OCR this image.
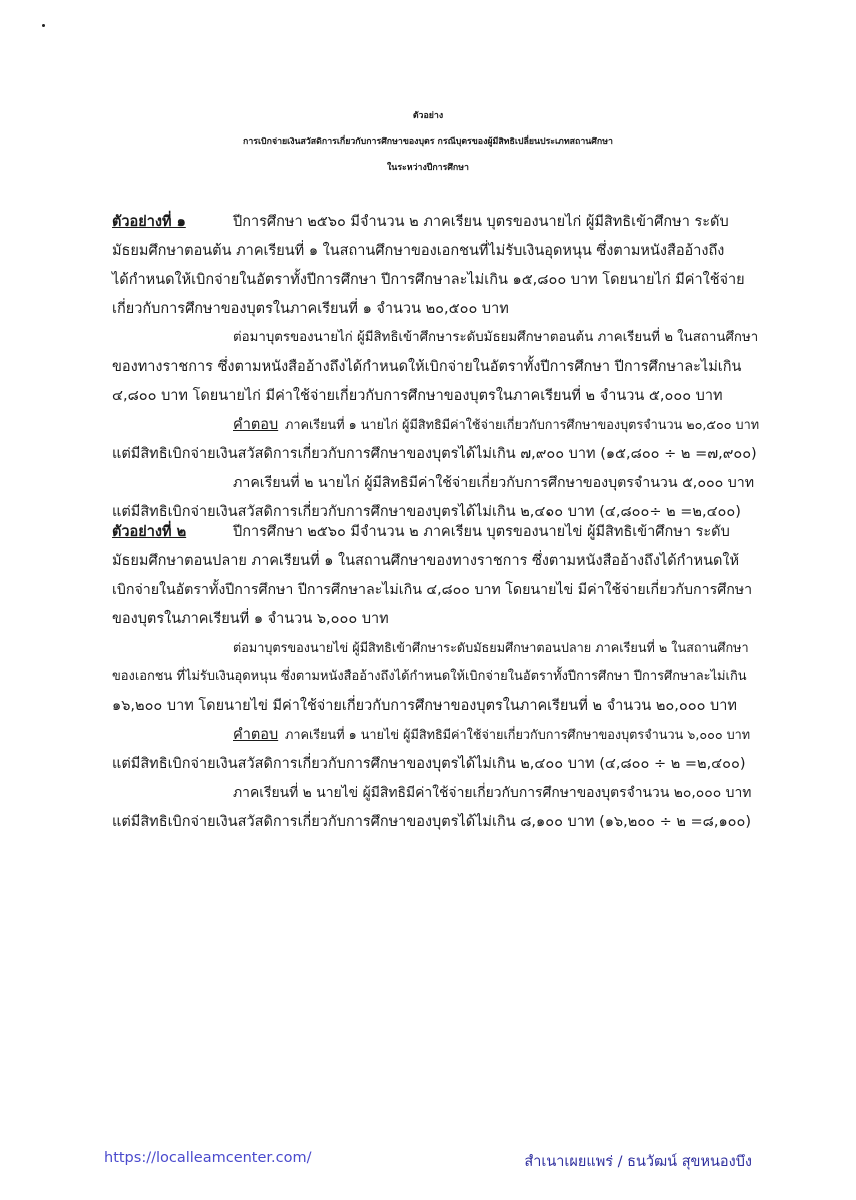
ตัวอย่าง

การเบิกจ่ายเงินสวัสดิการเกี่ยวกับการศึกษาของบุตร กรณีบุตรของผู้มีสิทธิเปลี่ยนประเภทสถานศึกษา

ในระหว่างปีการศึกษา

ตัวอย่างที่ ๑	ปีการศึกษา ๒๕๖๐ มีจำนวน ๒ ภาคเรียน บุตรของนายไก่ ผู้มีสิทธิเข้าศึกษา ระดับ
มัธยมศึกษาตอนต้น ภาคเรียนที่ ๑ ในสถานศึกษาของเอกชนที่ไม่รับเงินอุดหนุน ซึ่งตามหนังสืออ้างถึง
ได้กำหนดให้เบิกจ่ายในอัตราทั้งปีการศึกษา ปีการศึกษาละไม่เกิน ๑๕,๘๐๐ บาท โดยนายไก่ มีค่าใช้จ่าย
เกี่ยวกับการศึกษาของบุตรในภาคเรียนที่ ๑ จำนวน ๒๐,๕๐๐ บาท
ต่อมาบุตรของนายไก่ ผู้มีสิทธิเข้าศึกษาระดับมัธยมศึกษาตอนต้น ภาคเรียนที่ ๒ ในสถานศึกษา
ของทางราชการ ซึ่งตามหนังสืออ้างถึงได้กำหนดให้เบิกจ่ายในอัตราทั้งปีการศึกษา ปีการศึกษาละไม่เกิน
๔,๘๐๐ บาท โดยนายไก่ มีค่าใช้จ่ายเกี่ยวกับการศึกษาของบุตรในภาคเรียนที่ ๒ จำนวน ๕,๐๐๐ บาท
คำตอบ ภาคเรียนที่ ๑ นายไก่ ผู้มีสิทธิมีค่าใช้จ่ายเกี่ยวกับการศึกษาของบุตรจำนวน ๒๐,๕๐๐ บาท
แต่มีสิทธิเบิกจ่ายเงินสวัสดิการเกี่ยวกับการศึกษาของบุตรได้ไม่เกิน ๗,๙๐๐ บาท (๑๕,๘๐๐ ÷ ๒ =๗,๙๐๐)
ภาคเรียนที่ ๒ นายไก่ ผู้มีสิทธิมีค่าใช้จ่ายเกี่ยวกับการศึกษาของบุตรจำนวน ๕,๐๐๐ บาท
แต่มีสิทธิเบิกจ่ายเงินสวัสดิการเกี่ยวกับการศึกษาของบุตรได้ไม่เกิน ๒,๔๐๐ บาท (๔,๘๐๐÷ ๒ =๒,๔๐๐)
ตัวอย่างที่ ๒	ปีการศึกษา ๒๕๖๐ มีจำนวน ๒ ภาคเรียน บุตรของนายไข่ ผู้มีสิทธิเข้าศึกษา ระดับ
มัธยมศึกษาตอนปลาย ภาคเรียนที่ ๑ ในสถานศึกษาของทางราชการ ซึ่งตามหนังสืออ้างถึงได้กำหนดให้
เบิกจ่ายในอัตราทั้งปีการศึกษา ปีการศึกษาละไม่เกิน ๔,๘๐๐ บาท โดยนายไข่ มีค่าใช้จ่ายเกี่ยวกับการศึกษา
ของบุตรในภาคเรียนที่ ๑ จำนวน ๖,๐๐๐ บาท
ต่อมาบุตรของนายไข่ ผู้มีสิทธิเข้าศึกษาระดับมัธยมศึกษาตอนปลาย ภาคเรียนที่ ๒ ในสถานศึกษา
ของเอกชน ที่ไม่รับเงินอุดหนุน ซึ่งตามหนังสืออ้างถึงได้กำหนดให้เบิกจ่ายในอัตราทั้งปีการศึกษา ปีการศึกษาละไม่เกิน
๑๖,๒๐๐ บาท โดยนายไข่ มีค่าใช้จ่ายเกี่ยวกับการศึกษาของบุตรในภาคเรียนที่ ๒ จำนวน ๒๐,๐๐๐ บาท
คำตอบ ภาคเรียนที่ ๑ นายไข่ ผู้มีสิทธิมีค่าใช้จ่ายเกี่ยวกับการศึกษาของบุตรจำนวน ๖,๐๐๐ บาท
แต่มีสิทธิเบิกจ่ายเงินสวัสดิการเกี่ยวกับการศึกษาของบุตรได้ไม่เกิน ๒,๔๐๐ บาท (๔,๘๐๐ ÷ ๒ =๒,๔๐๐)
ภาคเรียนที่ ๒ นายไข่ ผู้มีสิทธิมีค่าใช้จ่ายเกี่ยวกับการศึกษาของบุตรจำนวน ๒๐,๐๐๐ บาท
แต่มีสิทธิเบิกจ่ายเงินสวัสดิการเกี่ยวกับการศึกษาของบุตรได้ไม่เกิน ๘,๑๐๐ บาท (๑๖,๒๐๐ ÷ ๒ =๘,๑๐๐)
https://localleamcenter.com/	สำเนาเผยแพร่ / ธนวัฒน์ สุขหนองบึง
